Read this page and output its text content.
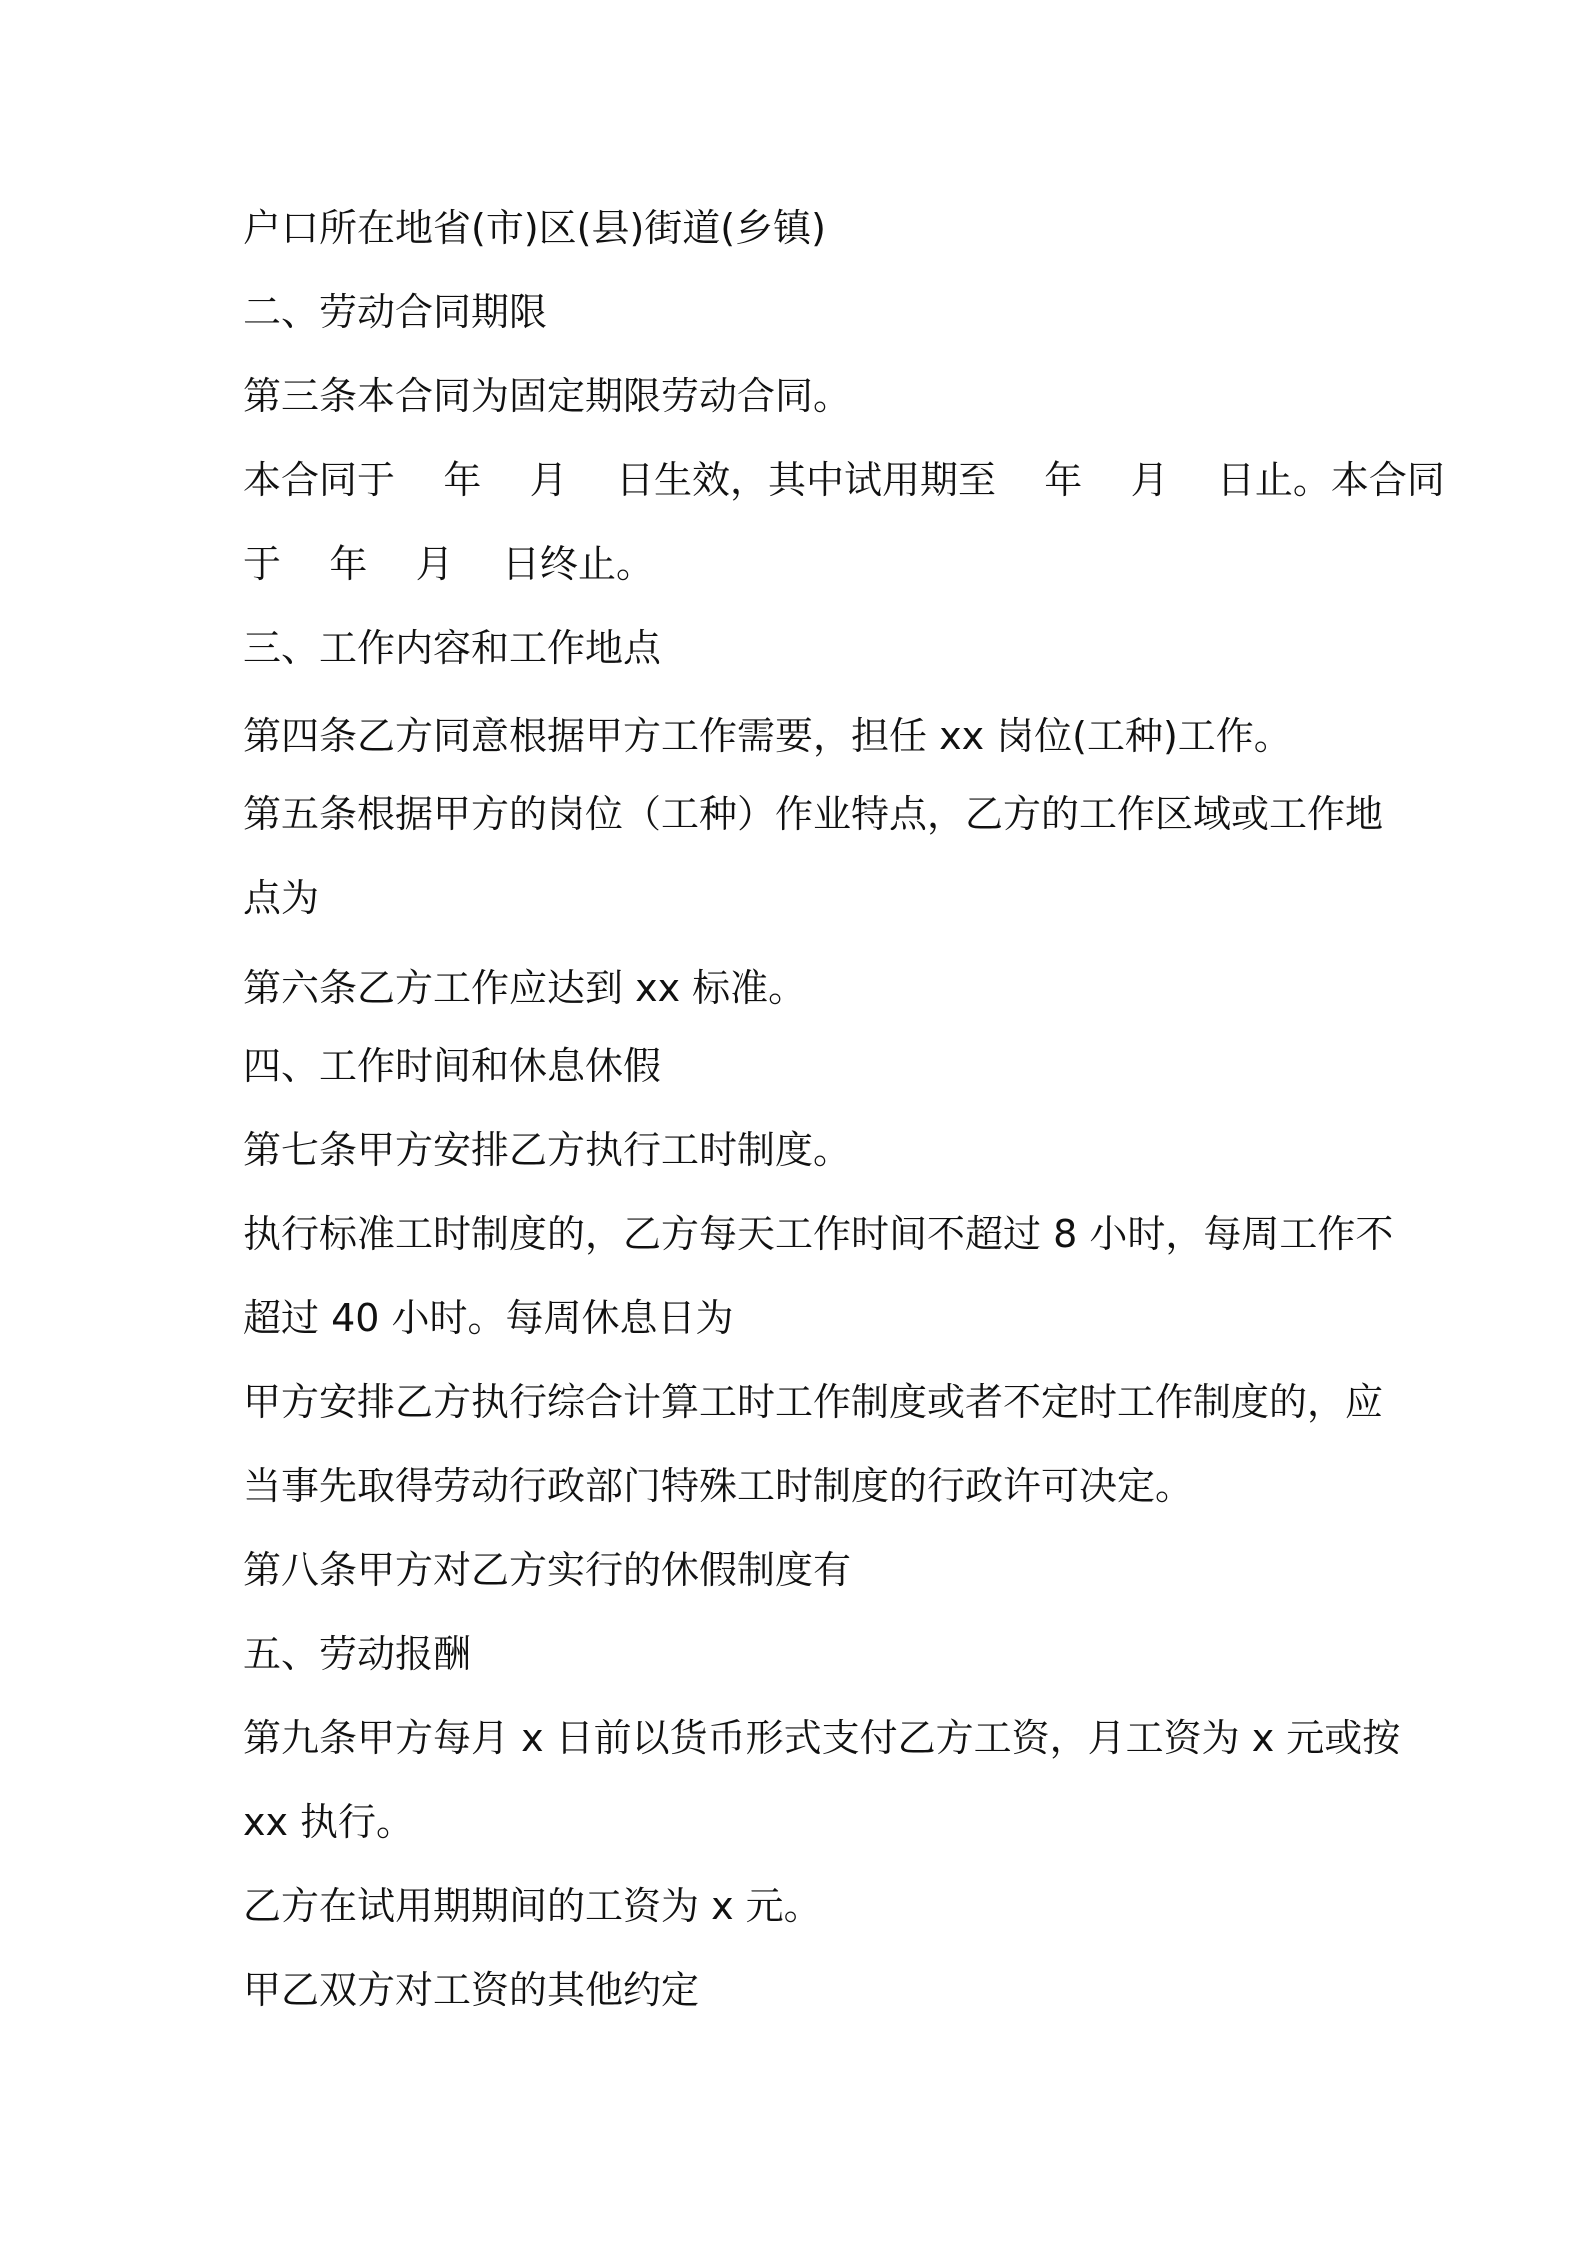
户口所在地省(市)区(县)街道(乡镇)
二、劳动合同期限
第三条本合同为固定期限劳动合同。
本合同于    年    月    日生效，其中试用期至    年    月    日止。本合同
于    年    月    日终止。
三、工作内容和工作地点
第四条乙方同意根据甲方工作需要，担任 xx 岗位(工种)工作。
第五条根据甲方的岗位（工种）作业特点，乙方的工作区域或工作地
点为
第六条乙方工作应达到 xx 标准。
四、工作时间和休息休假
第七条甲方安排乙方执行工时制度。
执行标准工时制度的，乙方每天工作时间不超过 8 小时，每周工作不
超过 40 小时。每周休息日为
甲方安排乙方执行综合计算工时工作制度或者不定时工作制度的，应
当事先取得劳动行政部门特殊工时制度的行政许可决定。
第八条甲方对乙方实行的休假制度有
五、劳动报酬
第九条甲方每月 x 日前以货币形式支付乙方工资，月工资为 x 元或按
xx 执行。
乙方在试用期期间的工资为 x 元。
甲乙双方对工资的其他约定
